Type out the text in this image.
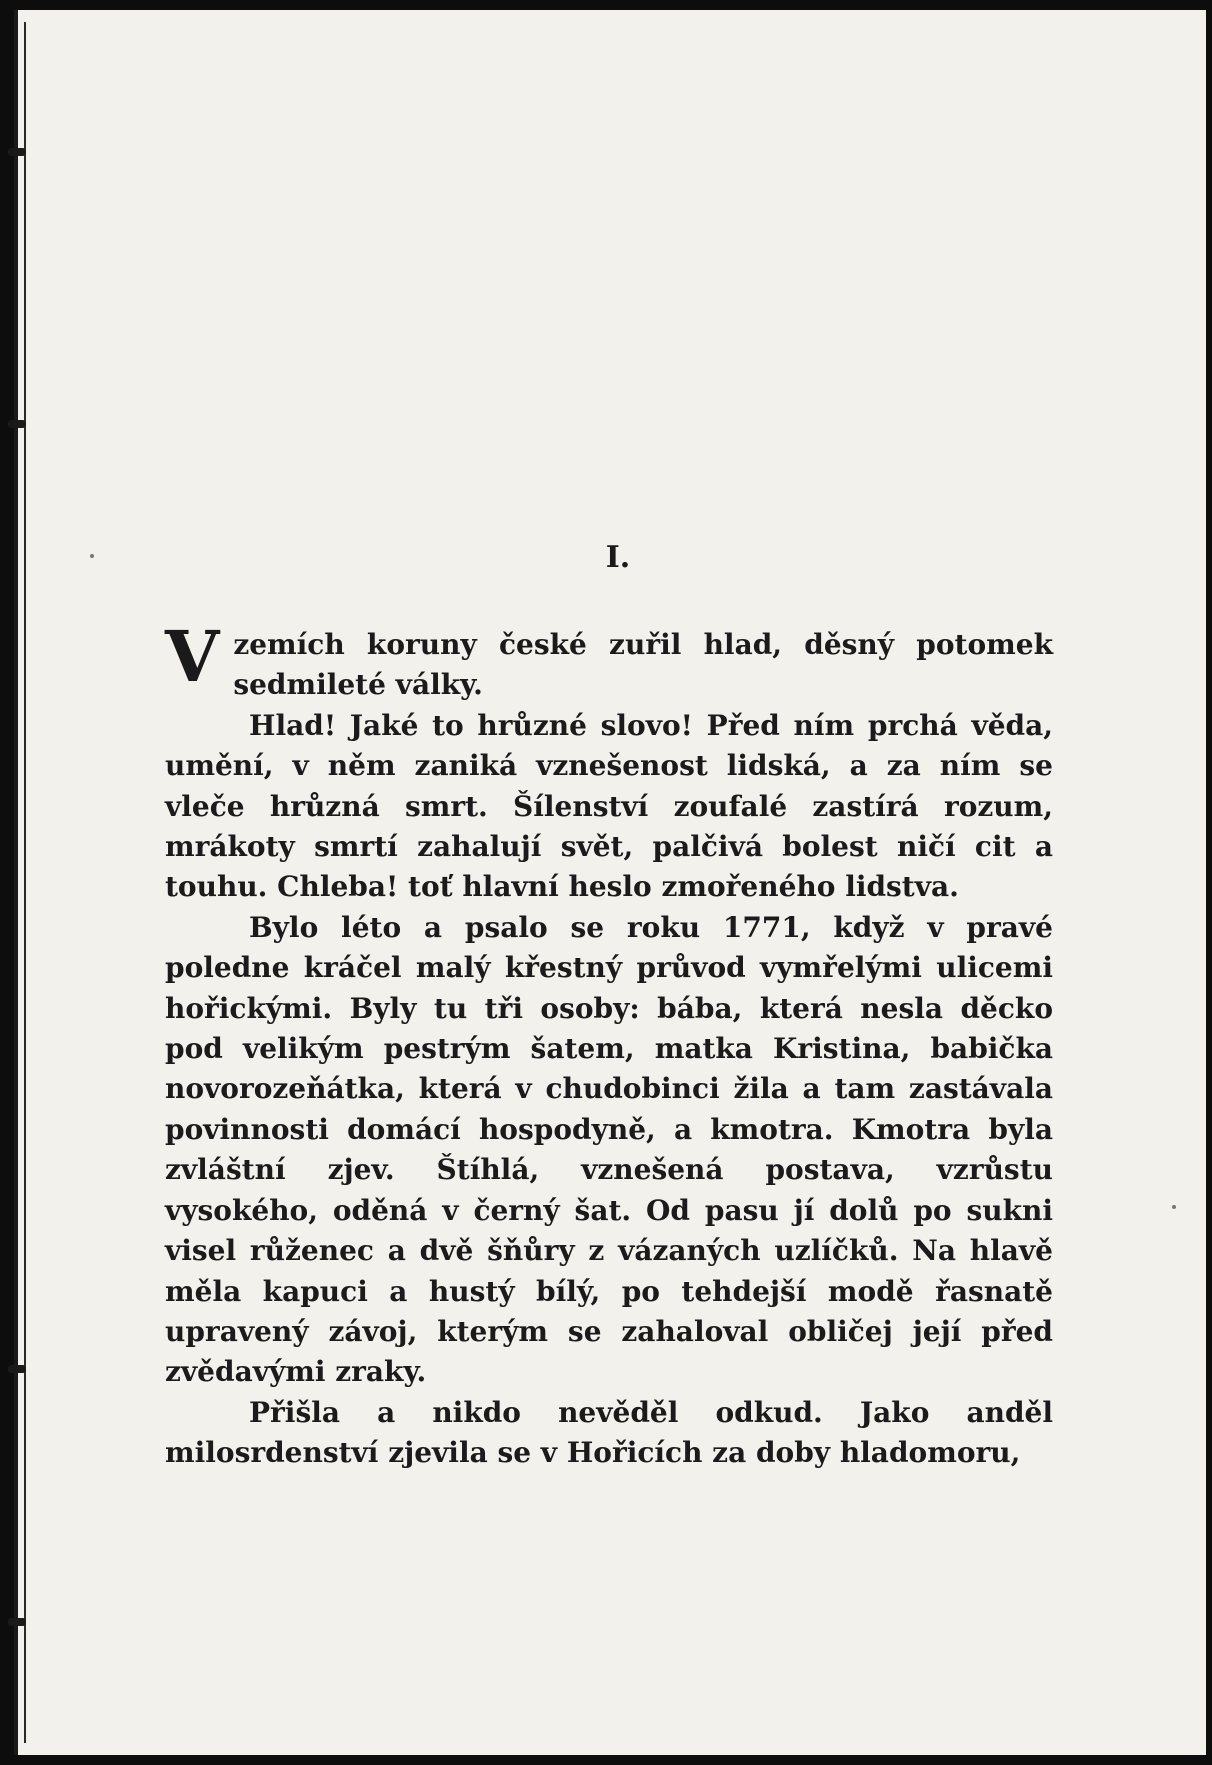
I.

Vzemích koruny české zuřil hlad, děsný potomek sedmileté války.

Hlad! Jaké to hrůzné slovo! Před ním prchá věda, umění, v něm zaniká vznešenost lidská, a za ním se vleče hrůzná smrt. Šílenství zoufalé zastírá rozum, mrákoty smrtí zahalují svět, palčivá bolest ničí cit a touhu. Chleba! toť hlavní heslo zmořeného lidstva.

Bylo léto a psalo se roku 1771, když v pravé poledne kráčel malý křestný průvod vymřelými ulicemi hořickými. Byly tu tři osoby: bába, která nesla děcko pod velikým pestrým šatem, matka Kristina, babička novorozeňátka, která v chudobinci žila a tam zastávala povinnosti domácí hospodyně, a kmotra. Kmotra byla zvláštní zjev. Štíhlá, vznešená postava, vzrůstu vysokého, oděná v černý šat. Od pasu jí dolů po sukni visel růženec a dvě šňůry z vázaných uzlíčků. Na hlavě měla kapuci a hustý bílý, po tehdejší modě řasnatě upravený závoj, kterým se zahaloval obličej její před zvědavými zraky.

Přišla a nikdo nevěděl odkud. Jako anděl milosrdenství zjevila se v Hořicích za doby hladomoru,
